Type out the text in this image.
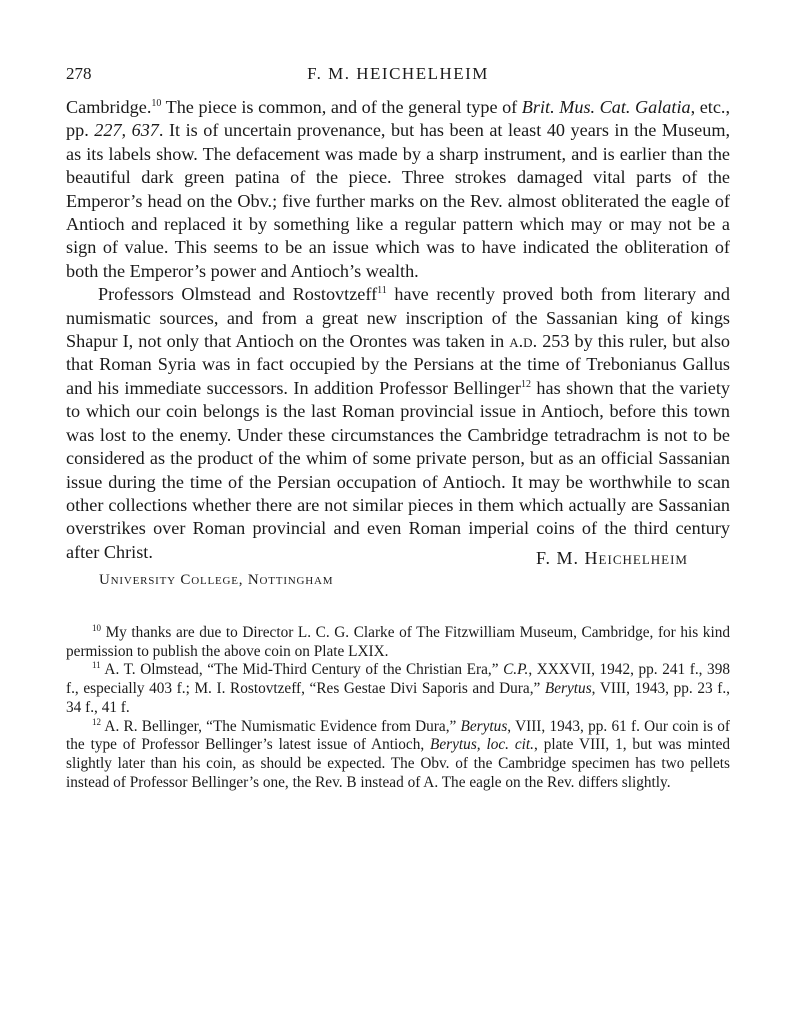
278	F. M. HEICHELHEIM

Cambridge.$^{10}$ The piece is common, and of the general type of Brit. Mus. Cat. Galatia, etc., pp. 227, 637. It is of uncertain provenance, but has been at least 40 years in the Museum, as its labels show. The defacement was made by a sharp instrument, and is earlier than the beautiful dark green patina of the piece. Three strokes damaged vital parts of the Emperor’s head on the Obv.; five further marks on the Rev. almost obliterated the eagle of Antioch and replaced it by something like a regular pattern which may or may not be a sign of value. This seems to be an issue which was to have indicated the obliteration of both the Emperor’s power and Antioch’s wealth.

Professors Olmstead and Rostovtzeff$^{11}$ have recently proved both from literary and numismatic sources, and from a great new inscription of the Sassanian king of kings Shapur I, not only that Antioch on the Orontes was taken in a.d. 253 by this ruler, but also that Roman Syria was in fact occupied by the Persians at the time of Trebonianus Gallus and his immediate successors. In addition Professor Bellinger$^{12}$ has shown that the variety to which our coin belongs is the last Roman provincial issue in Antioch, before this town was lost to the enemy. Under these circumstances the Cambridge tetradrachm is not to be considered as the product of the whim of some private person, but as an official Sassanian issue during the time of the Persian occupation of Antioch. It may be worthwhile to scan other collections whether there are not similar pieces in them which actually are Sassanian overstrikes over Roman provincial and even Roman imperial coins of the third century after Christ.	F. M. Heichelheim
University College, Nottingham

$^{10}$ My thanks are due to Director L. C. G. Clarke of The Fitzwilliam Museum, Cambridge, for his kind permission to publish the above coin on Plate LXIX.

$^{11}$ A. T. Olmstead, “The Mid-Third Century of the Christian Era,” C.P., XXXVII, 1942, pp. 241 f., 398 f., especially 403 f.; M. I. Rostovtzeff, “Res Gestae Divi Saporis and Dura,” Berytus, VIII, 1943, pp. 23 f., 34 f., 41 f.

$^{12}$ A. R. Bellinger, “The Numismatic Evidence from Dura,” Berytus, VIII, 1943, pp. 61 f. Our coin is of the type of Professor Bellinger’s latest issue of Antioch, Berytus, loc. cit., plate VIII, 1, but was minted slightly later than his coin, as should be expected. The Obv. of the Cambridge specimen has two pellets instead of Professor Bellinger’s one, the Rev. B instead of A. The eagle on the Rev. differs slightly.
